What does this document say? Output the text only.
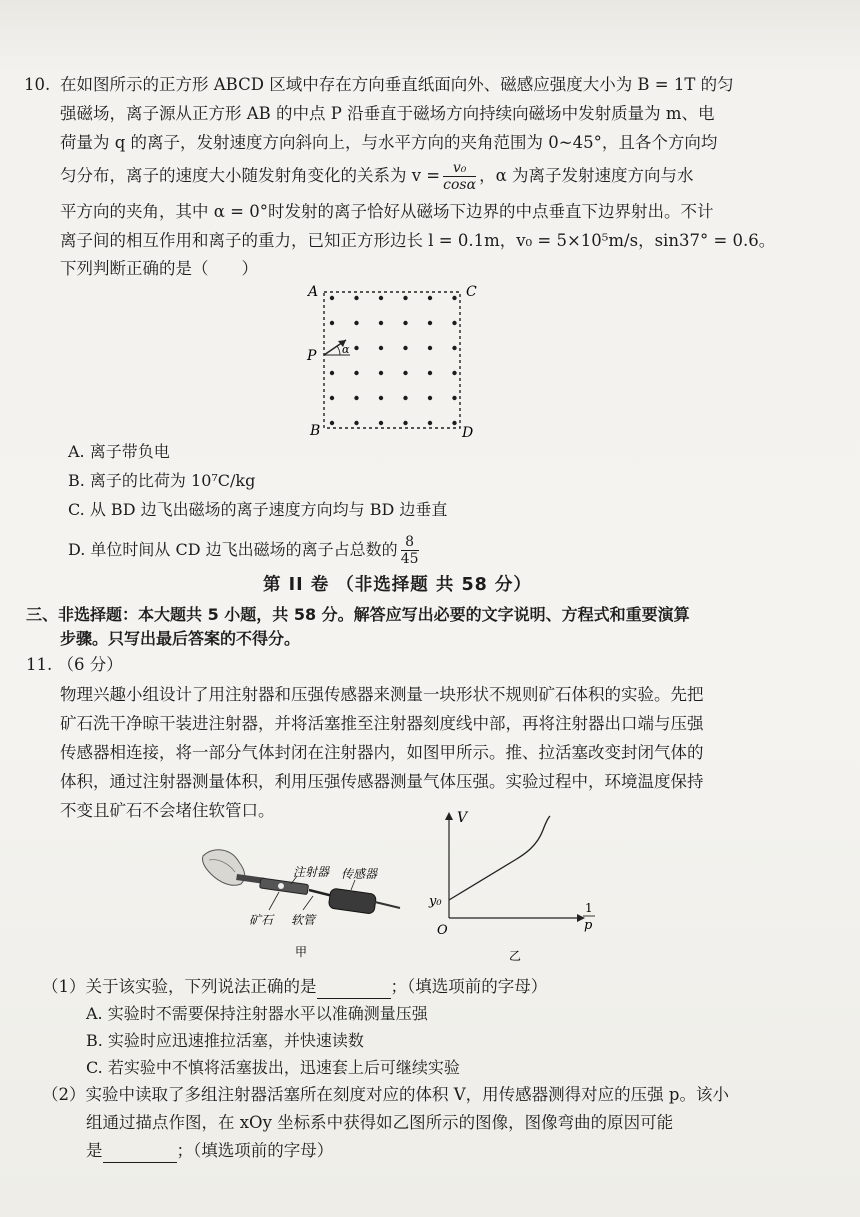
10. 在如图所示的正方形 ABCD 区域中存在方向垂直纸面向外、磁感应强度大小为 B = 1T 的匀
强磁场，离子源从正方形 AB 的中点 P 沿垂直于磁场方向持续向磁场中发射质量为 m、电
荷量为 q 的离子，发射速度方向斜向上，与水平方向的夹角范围为 0~45°，且各个方向均
匀分布，离子的速度大小随发射角变化的关系为 $v = \frac{\text{v₀}}{\cos\alpha}$ ，α 为离子发射速度方向与水
平方向的夹角，其中 α = 0°时发射的离子恰好从磁场下边界的中点垂直下边界射出。不计
离子间的相互作用和离子的重力，已知正方形边长 l = 0.1m，v₀ = 5×10⁵m/s，sin37° = 0.6。
下列判断正确的是（　　）
A	C
B	D
P α
A. 离子带负电
B. 离子的比荷为 10⁷C/kg
C. 从 BD 边飞出磁场的离子速度方向均与 BD 边垂直
D. 单位时间从 CD 边飞出磁场的离子占总数的 $\frac{8}{45}$
第 II 卷 （非选择题 共 58 分）
三、非选择题：本大题共 5 小题，共 58 分。解答应写出必要的文字说明、方程式和重要演算
步骤。只写出最后答案的不得分。
11. （6 分）
物理兴趣小组设计了用注射器和压强传感器来测量一块形状不规则矿石体积的实验。先把
矿石洗干净晾干装进注射器，并将活塞推至注射器刻度线中部，再将注射器出口端与压强
传感器相连接，将一部分气体封闭在注射器内，如图甲所示。推、拉活塞改变封闭气体的
体积，通过注射器测量体积，利用压强传感器测量气体压强。实验过程中，环境温度保持
不变且矿石不会堵住软管口。
注射器 传感器
矿石 软管
甲
V
y₀
O
1
p
乙
（1）关于该实验，下列说法正确的是	；（填选项前的字母）
A. 实验时不需要保持注射器水平以准确测量压强
B. 实验时应迅速推拉活塞，并快速读数
C. 若实验中不慎将活塞拔出，迅速套上后可继续实验
（2）实验中读取了多组注射器活塞所在刻度对应的体积 V，用传感器测得对应的压强 p。该小
组通过描点作图，在 xOy 坐标系中获得如乙图所示的图像，图像弯曲的原因可能
是	；（填选项前的字母）
